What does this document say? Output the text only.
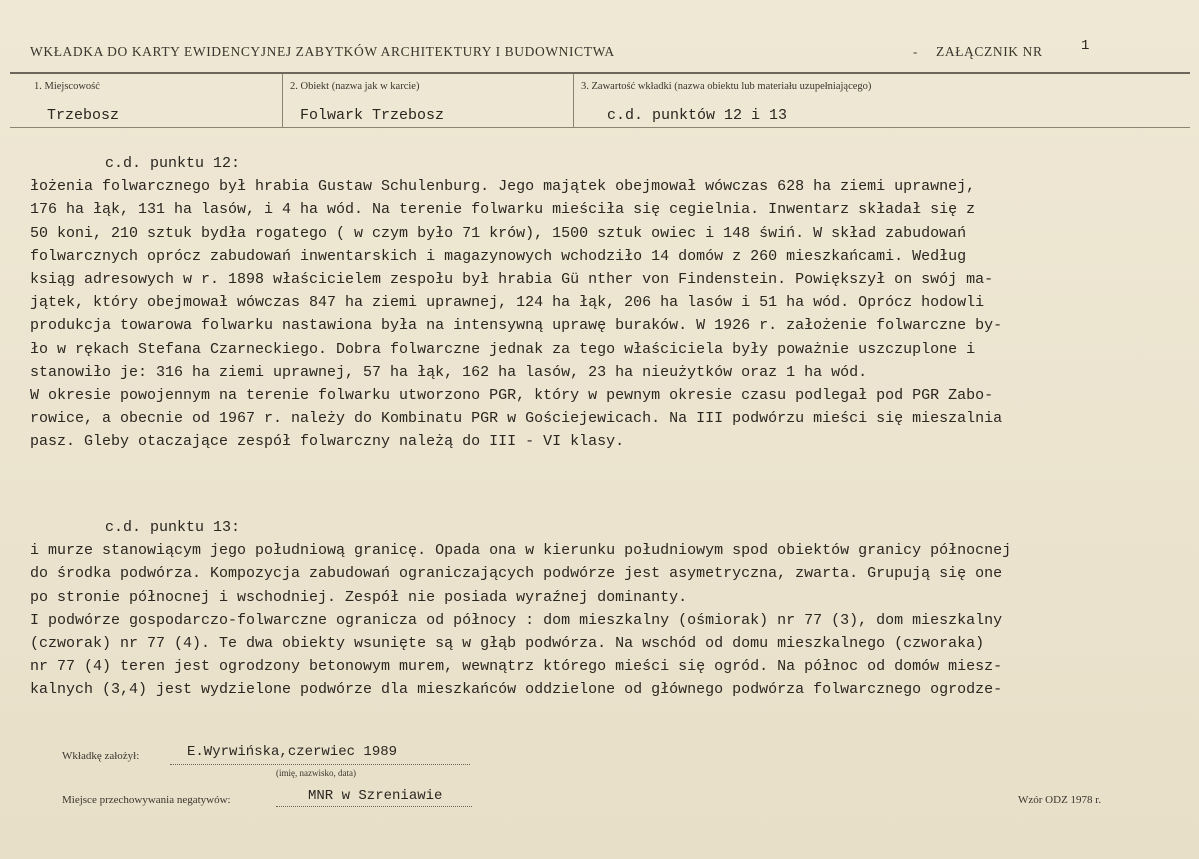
WKŁADKA DO KARTY EWIDENCYJNEJ ZABYTKÓW ARCHITEKTURY I BUDOWNICTWA	- ZAŁĄCZNIK NR	1
1. Miejscowość
Trzebosz
2. Obiekt (nazwa jak w karcie)
Folwark Trzebosz
3. Zawartość wkładki (nazwa obiektu lub materiału uzupełniającego)
c.d. punktów 12 i 13
c.d. punktu 12:
łożenia folwarcznego był hrabia Gustaw Schulenburg. Jego majątek obejmował wówczas 628 ha ziemi uprawnej,
176 ha łąk, 131 ha lasów, i 4 ha wód. Na terenie folwarku mieściła się cegielnia. Inwentarz składał się z
50 koni, 210 sztuk bydła rogatego ( w czym było 71 krów), 1500 sztuk owiec i 148 świń. W skład zabudowań
folwarcznych oprócz zabudowań inwentarskich i magazynowych wchodziło 14 domów z 260 mieszkańcami. Według
ksiąg adresowych w r. 1898 właścicielem zespołu był hrabia Gü nther von Findenstein. Powiększył on swój ma-
jątek, który obejmował wówczas 847 ha ziemi uprawnej, 124 ha łąk, 206 ha lasów i 51 ha wód. Oprócz hodowli
produkcja towarowa folwarku nastawiona była na intensywną uprawę buraków. W 1926 r. założenie folwarczne by-
ło w rękach Stefana Czarneckiego. Dobra folwarczne jednak za tego właściciela były poważnie uszczuplone i
stanowiło je: 316 ha ziemi uprawnej, 57 ha łąk, 162 ha lasów, 23 ha nieużytków oraz 1 ha wód.
W okresie powojennym na terenie folwarku utworzono PGR, który w pewnym okresie czasu podlegał pod PGR Zabo-
rowice, a obecnie od 1967 r. należy do Kombinatu PGR w Gościejewicach. Na III podwórzu mieści się mieszalnia
pasz. Gleby otaczające zespół folwarczny należą do III - VI klasy.
c.d. punktu 13:
i murze stanowiącym jego południową granicę. Opada ona w kierunku południowym spod obiektów granicy północnej
do środka podwórza. Kompozycja zabudowań ograniczających podwórze jest asymetryczna, zwarta. Grupują się one
po stronie północnej i wschodniej. Zespół nie posiada wyraźnej dominanty.
I podwórze gospodarczo-folwarczne ogranicza od północy : dom mieszkalny (ośmiorak) nr 77 (3), dom mieszkalny
(czworak) nr 77 (4). Te dwa obiekty wsunięte są w głąb podwórza. Na wschód od domu mieszkalnego (czworaka)
nr 77 (4) teren jest ogrodzony betonowym murem, wewnątrz którego mieści się ogród. Na północ od domów miesz-
kalnych (3,4) jest wydzielone podwórze dla mieszkańców oddzielone od głównego podwórza folwarcznego ogrodze-
Wkładkę założył:	E.Wyrwińska,czerwiec 1989
(imię, nazwisko, data)
Miejsce przechowywania negatywów:	MNR w Szreniawie	Wzór ODZ 1978 r.
